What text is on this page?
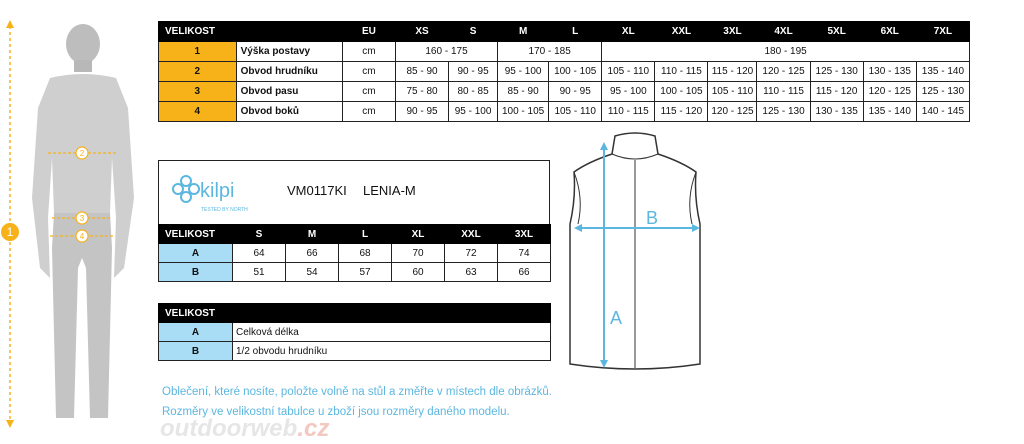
1
2
3
4
VELIKOST		EU	XS	S	M	L	XL	XXL	3XL	4XL	5XL	6XL	7XL
1	Výška postavy	cm	160 - 175		170 - 185		180 - 195						
2	Obvod hrudníku	cm	85 - 90	90 - 95	95 - 100	100 - 105	105 - 110	110 - 115	115 - 120	120 - 125	125 - 130	130 - 135	135 - 140
3	Obvod pasu	cm	75 - 80	80 - 85	85 - 90	90 - 95	95 - 100	100 - 105	105 - 110	110 - 115	115 - 120	120 - 125	125 - 130
4	Obvod boků	cm	90 - 95	95 - 100	100 - 105	105 - 110	110 - 115	115 - 120	120 - 125	125 - 130	130 - 135	135 - 140	140 - 145
kilpi
TESTED BY NORTH
VM0117KI LENIA-M
VELIKOST	S	M	L	XL	XXL	3XL
A	64	66	68	70	72	74
B	51	54	57	60	63	66
VELIKOST	
A	Celková délka
B	1/2 obvodu hrudníku
A
B
Oblečení, které nosíte, položte volně na stůl a změřte v místech dle obrázků.
Rozměry ve velikostní tabulce u zboží jsou rozměry daného modelu.
outdoorweb.cz
